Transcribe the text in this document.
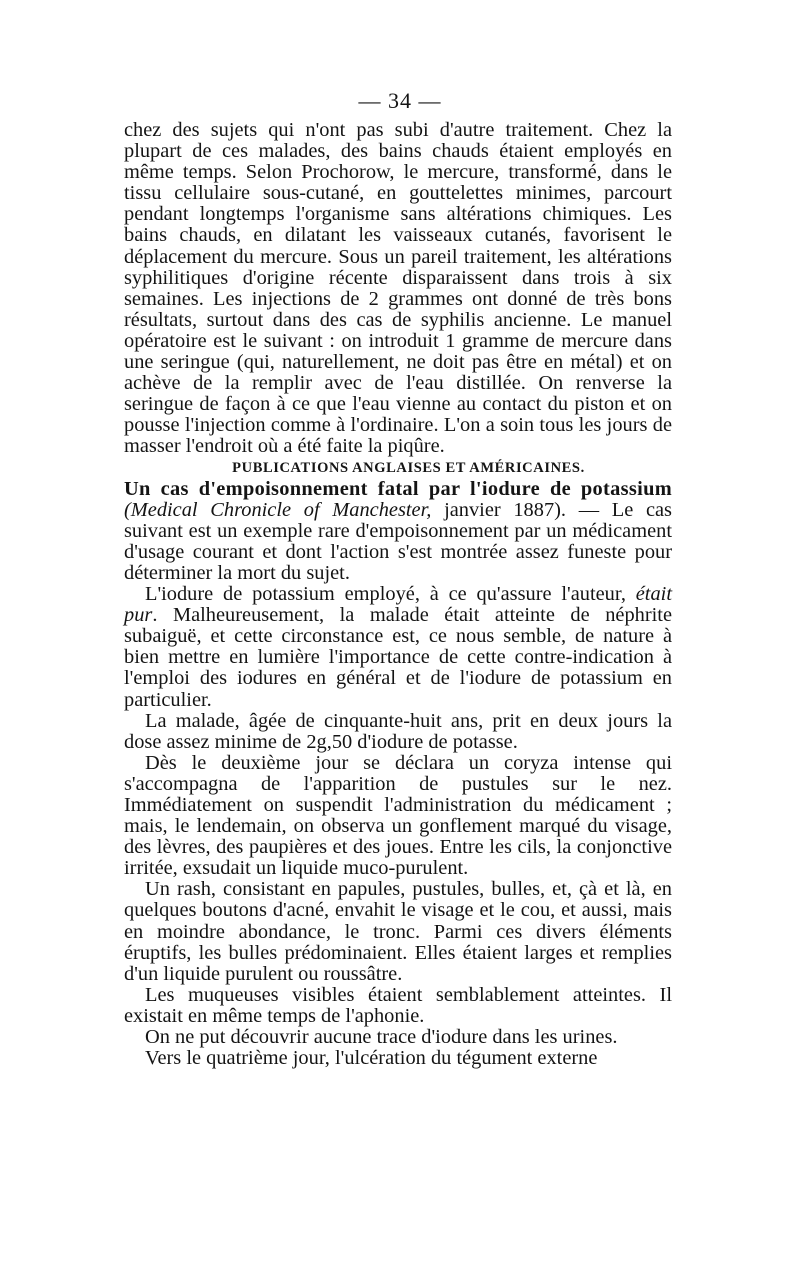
— 34 —

chez des sujets qui n'ont pas subi d'autre traitement. Chez la plupart de ces malades, des bains chauds étaient employés en même temps. Selon Prochorow, le mercure, transformé, dans le tissu cellulaire sous-cutané, en gouttelettes minimes, parcourt pendant longtemps l'organisme sans altérations chimiques. Les bains chauds, en dilatant les vaisseaux cutanés, favorisent le déplacement du mercure. Sous un pareil traitement, les altérations syphilitiques d'origine récente disparaissent dans trois à six semaines. Les injections de 2 grammes ont donné de très bons résultats, surtout dans des cas de syphilis ancienne. Le manuel opératoire est le suivant : on introduit 1 gramme de mercure dans une seringue (qui, naturellement, ne doit pas être en métal) et on achève de la remplir avec de l'eau distillée. On renverse la seringue de façon à ce que l'eau vienne au contact du piston et on pousse l'injection comme à l'ordinaire. L'on a soin tous les jours de masser l'endroit où a été faite la piqûre.

PUBLICATIONS ANGLAISES ET AMÉRICAINES.

Un cas d'empoisonnement fatal par l'iodure de potassium (Medical Chronicle of Manchester, janvier 1887). — Le cas suivant est un exemple rare d'empoisonnement par un médicament d'usage courant et dont l'action s'est montrée assez funeste pour déterminer la mort du sujet.

L'iodure de potassium employé, à ce qu'assure l'auteur, était pur. Malheureusement, la malade était atteinte de néphrite subaiguë, et cette circonstance est, ce nous semble, de nature à bien mettre en lumière l'importance de cette contre-indication à l'emploi des iodures en général et de l'iodure de potassium en particulier.

La malade, âgée de cinquante-huit ans, prit en deux jours la dose assez minime de 2g,50 d'iodure de potasse.

Dès le deuxième jour se déclara un coryza intense qui s'accompagna de l'apparition de pustules sur le nez. Immédiatement on suspendit l'administration du médicament ; mais, le lendemain, on observa un gonflement marqué du visage, des lèvres, des paupières et des joues. Entre les cils, la conjonctive irritée, exsudait un liquide muco-purulent.

Un rash, consistant en papules, pustules, bulles, et, çà et là, en quelques boutons d'acné, envahit le visage et le cou, et aussi, mais en moindre abondance, le tronc. Parmi ces divers éléments éruptifs, les bulles prédominaient. Elles étaient larges et remplies d'un liquide purulent ou roussâtre.

Les muqueuses visibles étaient semblablement atteintes. Il existait en même temps de l'aphonie.

On ne put découvrir aucune trace d'iodure dans les urines.

Vers le quatrième jour, l'ulcération du tégument externe
